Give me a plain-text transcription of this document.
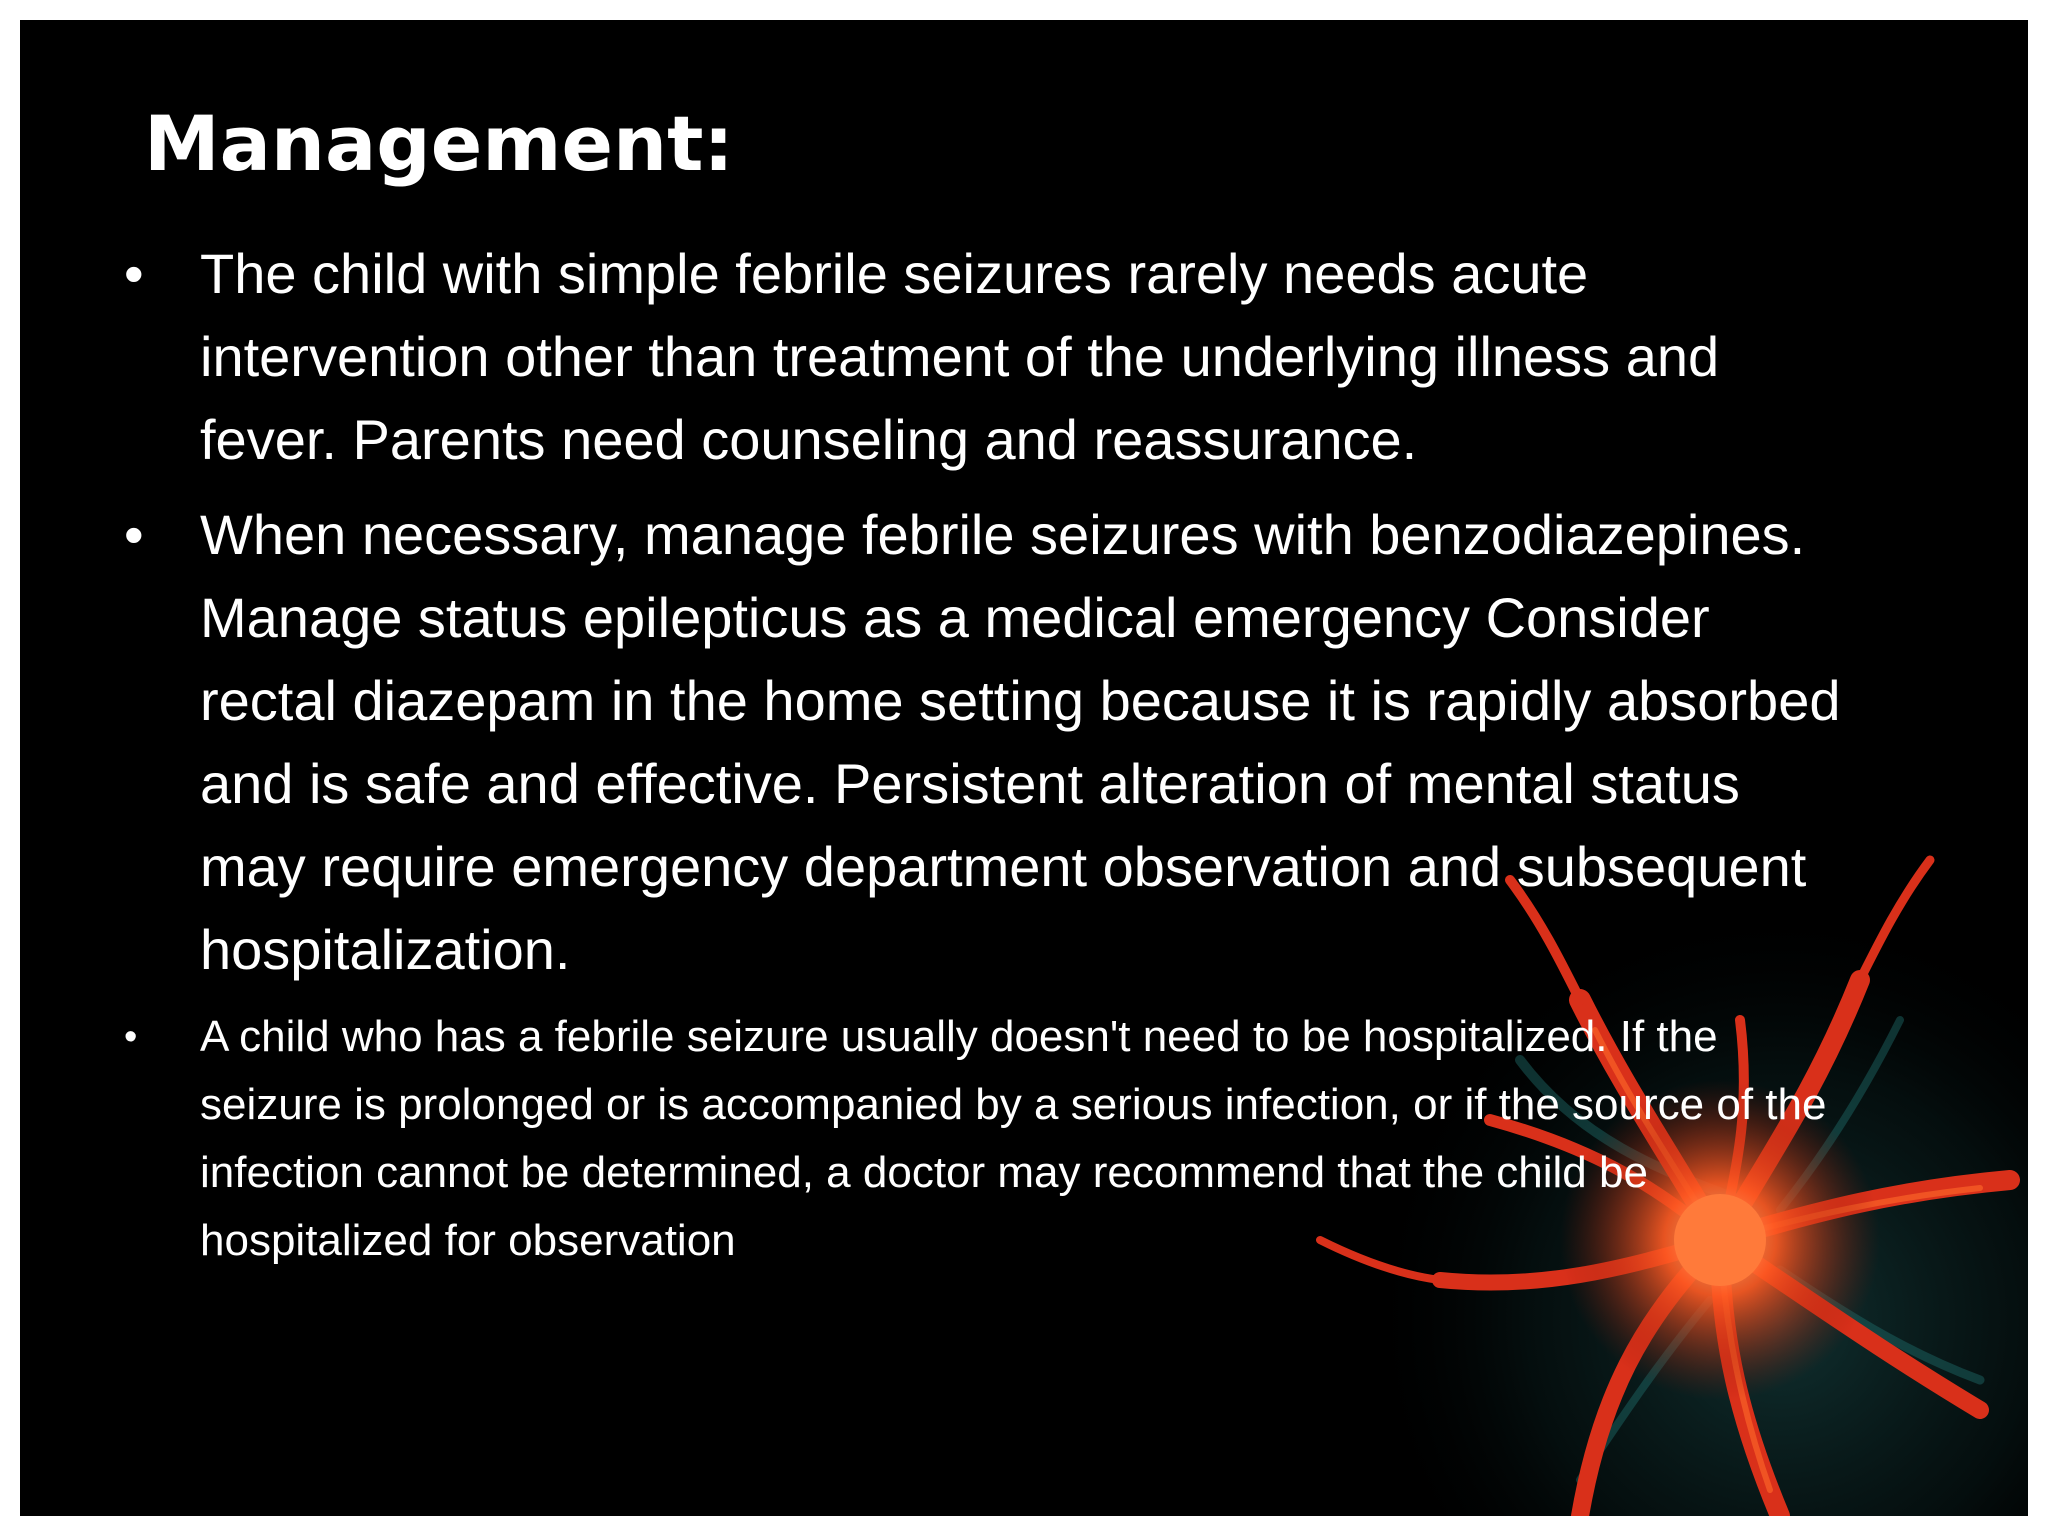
Management:
• The child with simple febrile seizures rarely needs acute intervention other than treatment of the underlying illness and fever. Parents need counseling and reassurance.
• When necessary, manage febrile seizures with benzodiazepines. Manage status epilepticus as a medical emergency Consider rectal diazepam in the home setting because it is rapidly absorbed and is safe and effective. Persistent alteration of mental status may require emergency department observation and subsequent hospitalization.
• A child who has a febrile seizure usually doesn't need to be hospitalized. If the seizure is prolonged or is accompanied by a serious infection, or if the source of the infection cannot be determined, a doctor may recommend that the child be hospitalized for observation
